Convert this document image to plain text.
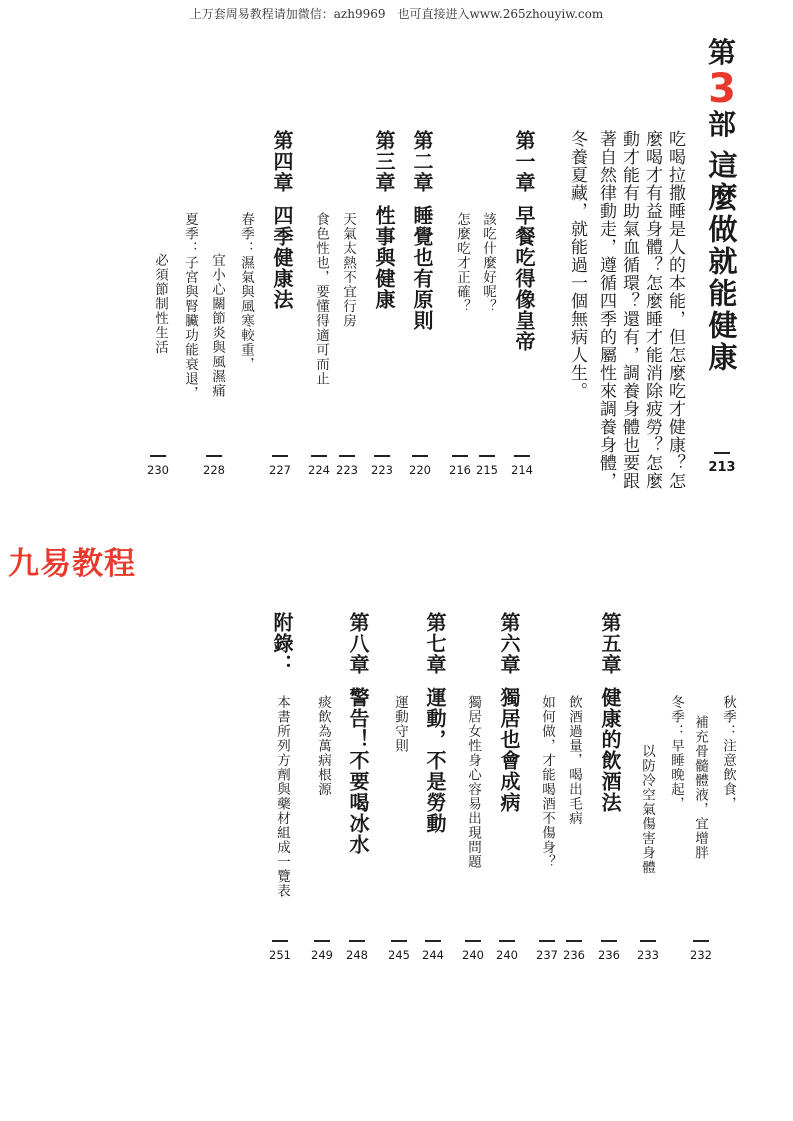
上万套周易教程请加微信：azh9969　也可直接进入www.265zhouyiw.com
九易教程
第
3
部
這麼做就能健康
213
吃喝拉撒睡是人的本能，但怎麼吃才健康？怎
麼喝才有益身體？怎麼睡才能消除疲勞？怎麼
動才能有助氣血循環？還有，調養身體也要跟
著自然律動走，遵循四季的屬性來調養身體，
冬養夏藏，就能過一個無病人生。
第一章早餐吃得像皇帝
214
該吃什麼好呢？
215
怎麼吃才正確？
216
第二章睡覺也有原則
220
第三章性事與健康
223
天氣太熱不宜行房
223
食色性也，要懂得適可而止
224
第四章四季健康法
227
春季：濕氣與風寒較重，
宜小心關節炎與風濕痛
228
夏季：子宮與腎臟功能衰退，
必須節制性生活
230
秋季：注意飲食，
補充骨髓體液，宜增胖
232
冬季：早睡晚起，
以防冷空氣傷害身體
233
第五章健康的飲酒法
236
飲酒過量，喝出毛病
236
如何做，才能喝酒不傷身？
237
第六章獨居也會成病
240
獨居女性身心容易出現問題
240
第七章運動，不是勞動
244
運動守則
245
第八章警告！不要喝冰水
248
痰飲為萬病根源
249
附錄：
本書所列方劑與藥材組成一覽表
251
